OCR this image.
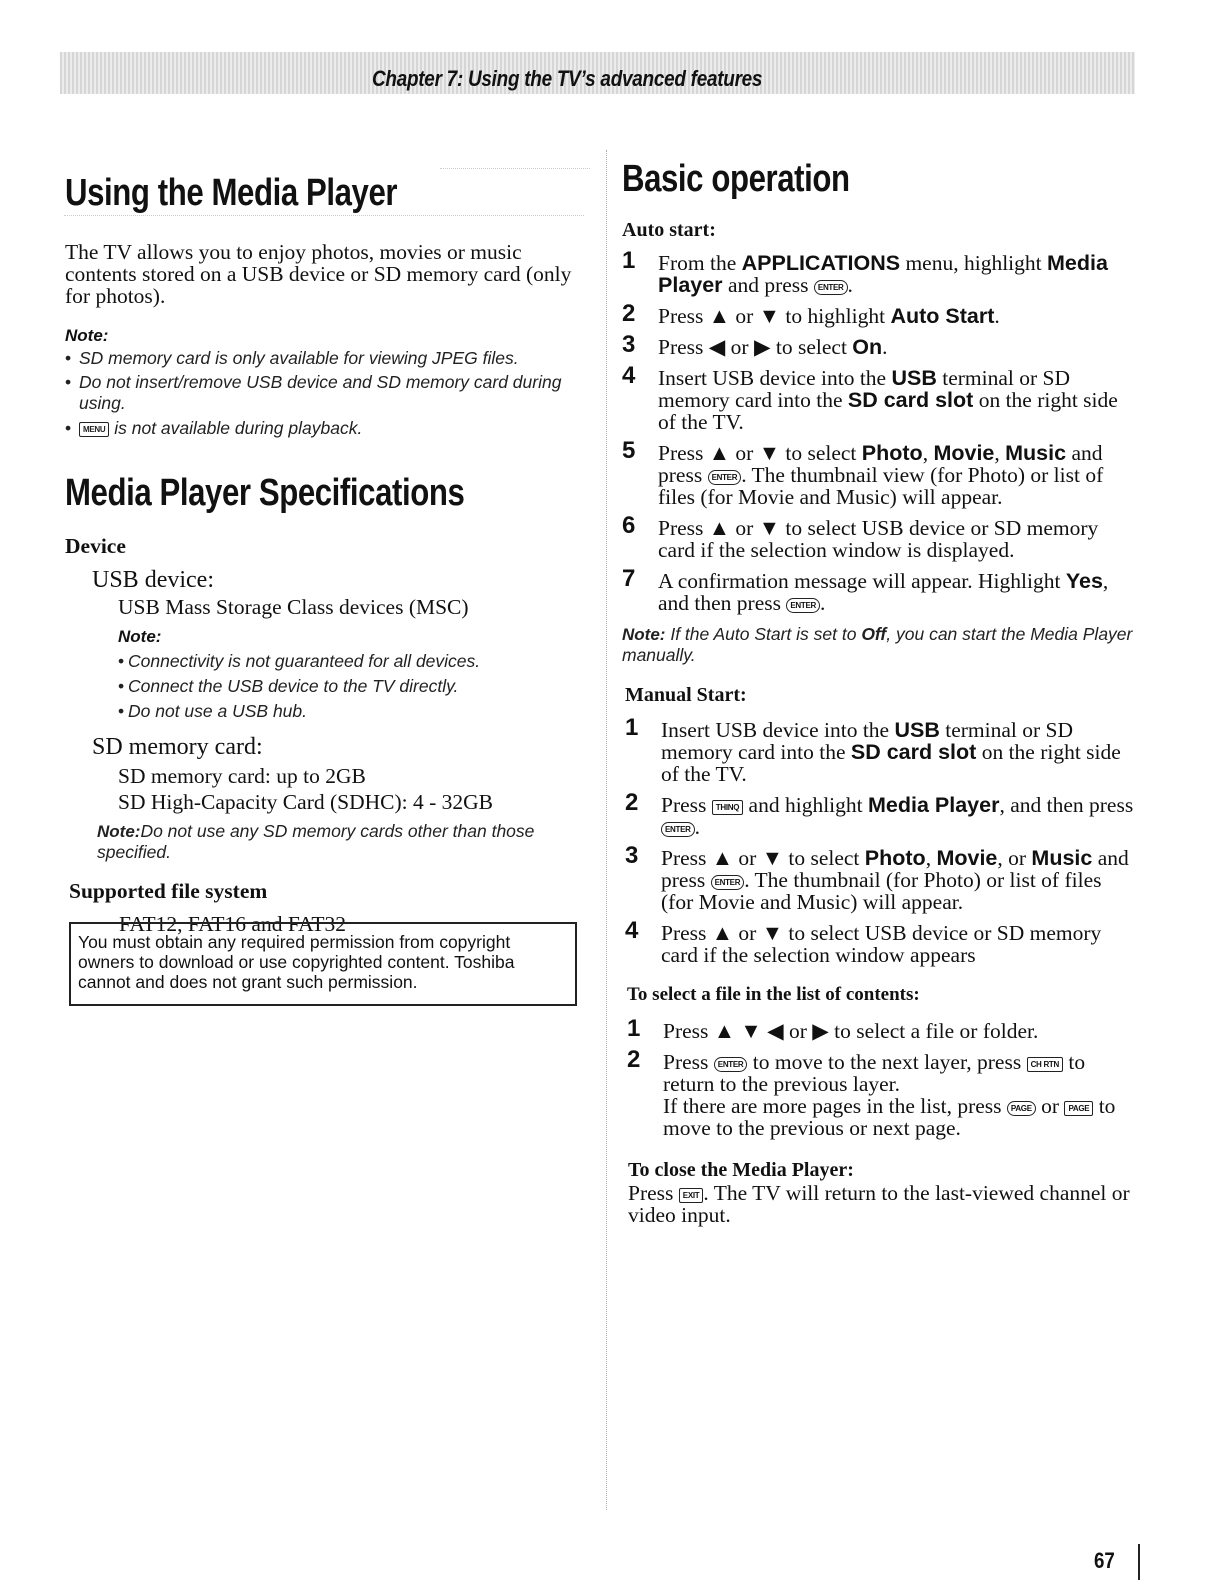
Chapter 7: Using the TV’s advanced features
Using the Media Player
The TV allows you to enjoy photos, movies or music contents stored on a USB device or SD memory card (only for photos).
Note:
• SD memory card is only available for viewing JPEG files.
• Do not insert/remove USB device and SD memory card during using.
• MENU is not available during playback.
Media Player Specifications
Device
USB device:
USB Mass Storage Class devices (MSC)
Note:
• Connectivity is not guaranteed for all devices.
• Connect the USB device to the TV directly.
• Do not use a USB hub.
SD memory card:
SD memory card: up to 2GB
SD High-Capacity Card (SDHC): 4 - 32GB
Note:Do not use any SD memory cards other than those specified.
Supported file system
FAT12, FAT16 and FAT32
You must obtain any required permission from copyright owners to download or use copyrighted content. Toshiba cannot and does not grant such permission.
Basic operation
Auto start:
1 From the APPLICATIONS menu, highlight Media Player and press ENTER .
2 Press ▲ or ▼ to highlight Auto Start.
3 Press ◀ or ▶ to select On.
4 Insert USB device into the USB terminal or SD memory card into the SD card slot on the right side of the TV.
5 Press ▲ or ▼ to select Photo, Movie, Music and press ENTER . The thumbnail view (for Photo) or list of files (for Movie and Music) will appear.
6 Press ▲ or ▼ to select USB device or SD memory card if the selection window is displayed.
7 A confirmation message will appear. Highlight Yes, and then press ENTER .
Note: If the Auto Start is set to Off, you can start the Media Player manually.
Manual Start:
1 Insert USB device into the USB terminal or SD memory card into the SD card slot on the right side of the TV.
2 Press THINQ and highlight Media Player, and then press ENTER .
3 Press ▲ or ▼ to select Photo, Movie, or Music and press ENTER . The thumbnail (for Photo) or list of files (for Movie and Music) will appear.
4 Press ▲ or ▼ to select USB device or SD memory card if the selection window appears
To select a file in the list of contents:
1 Press ▲ ▼ ◀ or ▶ to select a file or folder.
2 Press ENTER to move to the next layer, press CH RTN to return to the previous layer.
If there are more pages in the list, press PAGE or PAGE to move to the previous or next page.
To close the Media Player:
Press EXIT . The TV will return to the last-viewed channel or video input.
67
